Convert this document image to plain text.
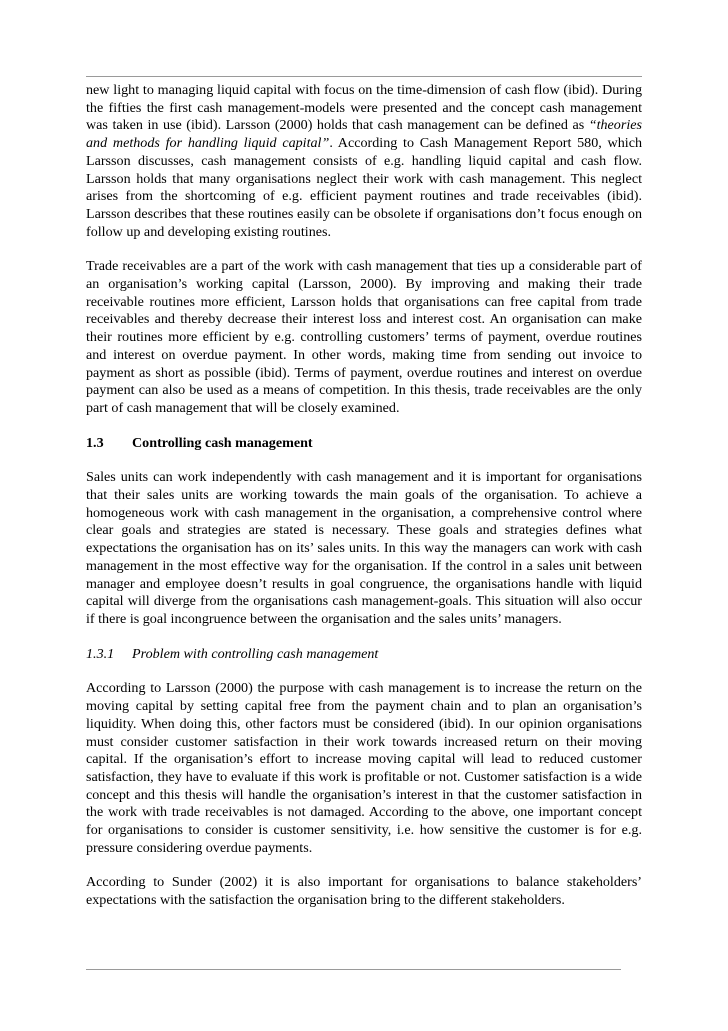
new light to managing liquid capital with focus on the time-dimension of cash flow (ibid). During the fifties the first cash management-models were presented and the concept cash management was taken in use (ibid). Larsson (2000) holds that cash management can be defined as “theories and methods for handling liquid capital”. According to Cash Management Report 580, which Larsson discusses, cash management consists of e.g. handling liquid capital and cash flow. Larsson holds that many organisations neglect their work with cash management. This neglect arises from the shortcoming of e.g. efficient payment routines and trade receivables (ibid). Larsson describes that these routines easily can be obsolete if organisations don’t focus enough on follow up and developing existing routines.

Trade receivables are a part of the work with cash management that ties up a considerable part of an organisation’s working capital (Larsson, 2000). By improving and making their trade receivable routines more efficient, Larsson holds that organisations can free capital from trade receivables and thereby decrease their interest loss and interest cost. An organisation can make their routines more efficient by e.g. controlling customers’ terms of payment, overdue routines and interest on overdue payment. In other words, making time from sending out invoice to payment as short as possible (ibid). Terms of payment, overdue routines and interest on overdue payment can also be used as a means of competition. In this thesis, trade receivables are the only part of cash management that will be closely examined.

1.3 Controlling cash management

Sales units can work independently with cash management and it is important for organisations that their sales units are working towards the main goals of the organisation. To achieve a homogeneous work with cash management in the organisation, a comprehensive control where clear goals and strategies are stated is necessary. These goals and strategies defines what expectations the organisation has on its’ sales units. In this way the managers can work with cash management in the most effective way for the organisation. If the control in a sales unit between manager and employee doesn’t results in goal congruence, the organisations handle with liquid capital will diverge from the organisations cash management-goals. This situation will also occur if there is goal incongruence between the organisation and the sales units’ managers.

1.3.1 Problem with controlling cash management

According to Larsson (2000) the purpose with cash management is to increase the return on the moving capital by setting capital free from the payment chain and to plan an organisation’s liquidity. When doing this, other factors must be considered (ibid). In our opinion organisations must consider customer satisfaction in their work towards increased return on their moving capital. If the organisation’s effort to increase moving capital will lead to reduced customer satisfaction, they have to evaluate if this work is profitable or not. Customer satisfaction is a wide concept and this thesis will handle the organisation’s interest in that the customer satisfaction in the work with trade receivables is not damaged. According to the above, one important concept for organisations to consider is customer sensitivity, i.e. how sensitive the customer is for e.g. pressure considering overdue payments.

According to Sunder (2002) it is also important for organisations to balance stakeholders’ expectations with the satisfaction the organisation bring to the different stakeholders.
